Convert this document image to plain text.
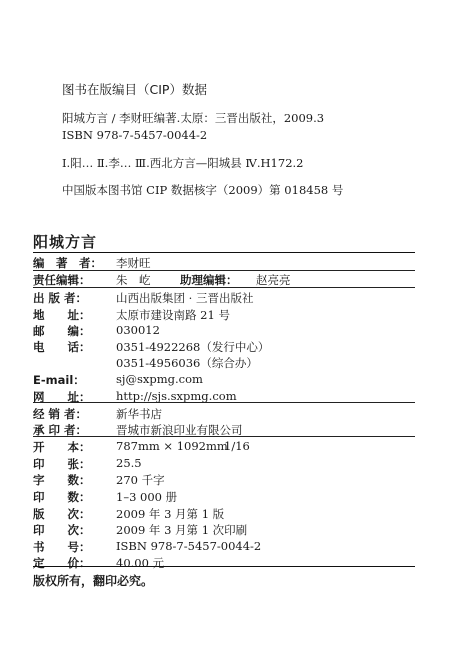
图书在版编目（CIP）数据
阳城方言 / 李财旺编著.太原：三晋出版社，2009.3
ISBN 978-7-5457-0044-2
Ⅰ.阳… Ⅱ.李… Ⅲ.西北方言—阳城县 Ⅳ.H172.2
中国版本图书馆 CIP 数据核字（2009）第 018458 号
阳城方言
编　著　者： 李财旺
责任编辑： 朱　屹	助理编辑： 赵亮亮
出 版 者：	山西出版集团 · 三晋出版社
地　　址： 太原市建设南路 21 号
邮　　编： 030012
电　　话： 0351-4922268（发行中心）
0351-4956036（综合办）
E-mail：	sj@sxpmg.com
网　　址： http://sjs.sxpmg.com
经 销 者：	新华书店
承 印 者：	晋城市新浪印业有限公司
开　　本： 787mm × 1092mm
1/16
印　　张： 25.5
字　　数： 270 千字
印　　数： 1–3 000 册
版　　次： 2009 年 3 月第 1 版
印　　次： 2009 年 3 月第 1 次印刷
书　　号： ISBN 978-7-5457-0044-2
定　　价： 40.00 元
版权所有，翻印必究。
